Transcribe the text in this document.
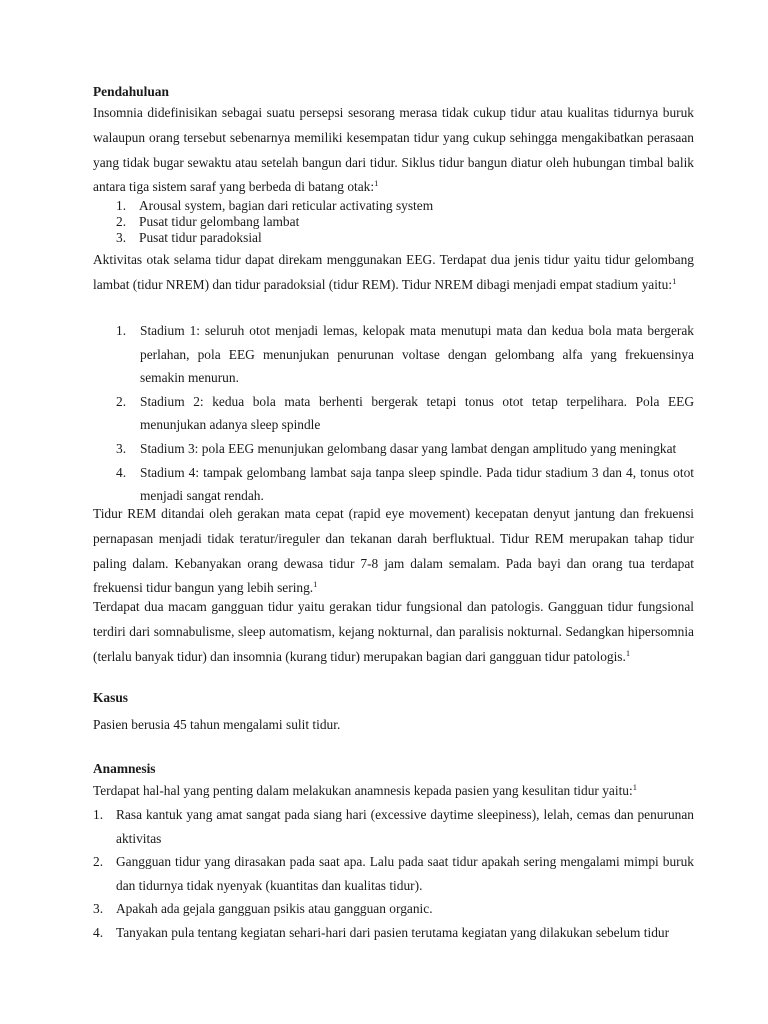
Pendahuluan

Insomnia didefinisikan sebagai suatu persepsi sesorang merasa tidak cukup tidur atau kualitas tidurnya buruk walaupun orang tersebut sebenarnya memiliki kesempatan tidur yang cukup sehingga mengakibatkan perasaan yang tidak bugar sewaktu atau setelah bangun dari tidur. Siklus tidur bangun diatur oleh hubungan timbal balik antara tiga sistem saraf yang berbeda di batang otak:$^1$

1. Arousal system, bagian dari reticular activating system
2. Pusat tidur gelombang lambat
3. Pusat tidur paradoksial

Aktivitas otak selama tidur dapat direkam menggunakan EEG. Terdapat dua jenis tidur yaitu tidur gelombang lambat (tidur NREM) dan tidur paradoksial (tidur REM). Tidur NREM dibagi menjadi empat stadium yaitu:$^1$

1. Stadium 1: seluruh otot menjadi lemas, kelopak mata menutupi mata dan kedua bola mata bergerak perlahan, pola EEG menunjukan penurunan voltase dengan gelombang alfa yang frekuensinya semakin menurun.
2. Stadium 2: kedua bola mata berhenti bergerak tetapi tonus otot tetap terpelihara. Pola EEG menunjukan adanya sleep spindle
3. Stadium 3: pola EEG menunjukan gelombang dasar yang lambat dengan amplitudo yang meningkat
4. Stadium 4: tampak gelombang lambat saja tanpa sleep spindle. Pada tidur stadium 3 dan 4, tonus otot menjadi sangat rendah.

Tidur REM ditandai oleh gerakan mata cepat (rapid eye movement) kecepatan denyut jantung dan frekuensi pernapasan menjadi tidak teratur/ireguler dan tekanan darah berfluktual. Tidur REM merupakan tahap tidur paling dalam. Kebanyakan orang dewasa tidur 7-8 jam dalam semalam. Pada bayi dan orang tua terdapat frekuensi tidur bangun yang lebih sering.$^1$

Terdapat dua macam gangguan tidur yaitu gerakan tidur fungsional dan patologis. Gangguan tidur fungsional terdiri dari somnabulisme, sleep automatism, kejang nokturnal, dan paralisis nokturnal. Sedangkan hipersomnia (terlalu banyak tidur) dan insomnia (kurang tidur) merupakan bagian dari gangguan tidur patologis.$^1$

Kasus
Pasien berusia 45 tahun mengalami sulit tidur.
Anamnesis

Terdapat hal-hal yang penting dalam melakukan anamnesis kepada pasien yang kesulitan tidur yaitu:$^1$

1. Rasa kantuk yang amat sangat pada siang hari (excessive daytime sleepiness), lelah, cemas dan penurunan aktivitas
2. Gangguan tidur yang dirasakan pada saat apa. Lalu pada saat tidur apakah sering mengalami mimpi buruk dan tidurnya tidak nyenyak (kuantitas dan kualitas tidur).
3. Apakah ada gejala gangguan psikis atau gangguan organic.
4. Tanyakan pula tentang kegiatan sehari-hari dari pasien terutama kegiatan yang dilakukan sebelum tidur
